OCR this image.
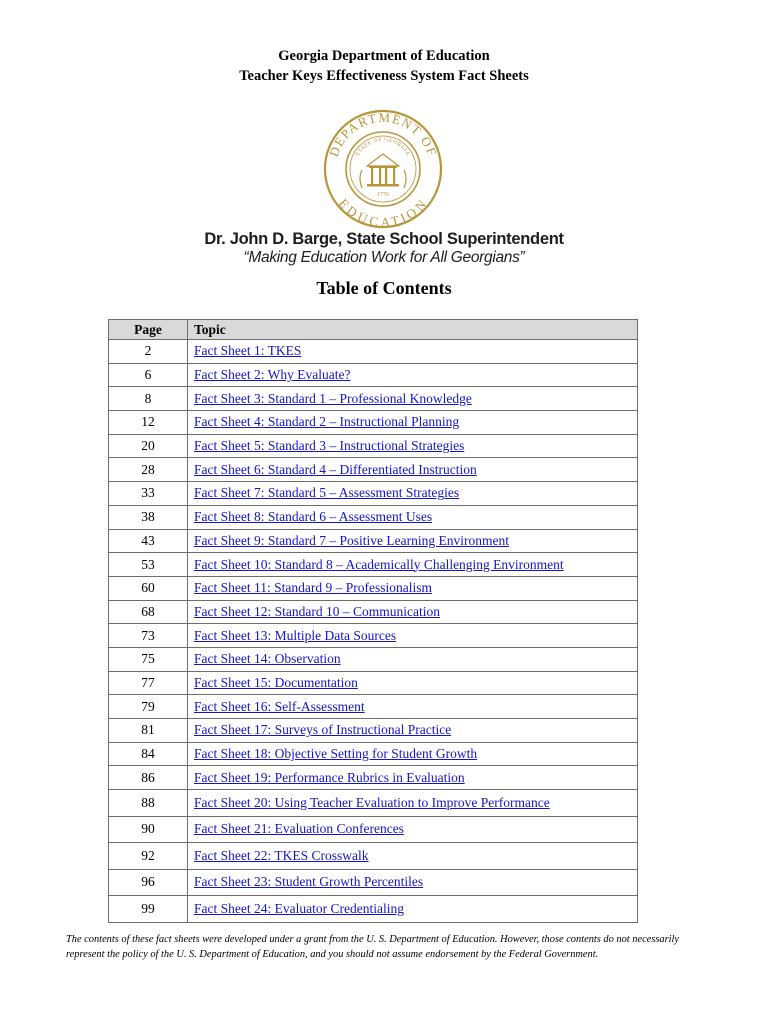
Georgia Department of Education
Teacher Keys Effectiveness System Fact Sheets
DEPARTMENT OF
EDUCATION
STATE OF GEORGIA
1776
Dr. John D. Barge, State School Superintendent
“Making Education Work for All Georgians”
Table of Contents
Page	Topic
2	Fact Sheet 1: TKES
6	Fact Sheet 2: Why Evaluate?
8	Fact Sheet 3: Standard 1 – Professional Knowledge
12	Fact Sheet 4: Standard 2 – Instructional Planning
20	Fact Sheet 5: Standard 3 – Instructional Strategies
28	Fact Sheet 6: Standard 4 – Differentiated Instruction
33	Fact Sheet 7: Standard 5 – Assessment Strategies
38	Fact Sheet 8: Standard 6 – Assessment Uses
43	Fact Sheet 9: Standard 7 – Positive Learning Environment
53	Fact Sheet 10: Standard 8 – Academically Challenging Environment
60	Fact Sheet 11: Standard 9 – Professionalism
68	Fact Sheet 12: Standard 10 – Communication
73	Fact Sheet 13: Multiple Data Sources
75	Fact Sheet 14: Observation
77	Fact Sheet 15: Documentation
79	Fact Sheet 16: Self-Assessment
81	Fact Sheet 17: Surveys of Instructional Practice
84	Fact Sheet 18: Objective Setting for Student Growth
86	Fact Sheet 19: Performance Rubrics in Evaluation
88	Fact Sheet 20: Using Teacher Evaluation to Improve Performance
90	Fact Sheet 21: Evaluation Conferences
92	Fact Sheet 22: TKES Crosswalk
96	Fact Sheet 23: Student Growth Percentiles
99	Fact Sheet 24: Evaluator Credentialing
The contents of these fact sheets were developed under a grant from the U. S. Department of Education. However, those contents do not necessarily represent the policy of the U. S. Department of Education, and you should not assume endorsement by the Federal Government.
